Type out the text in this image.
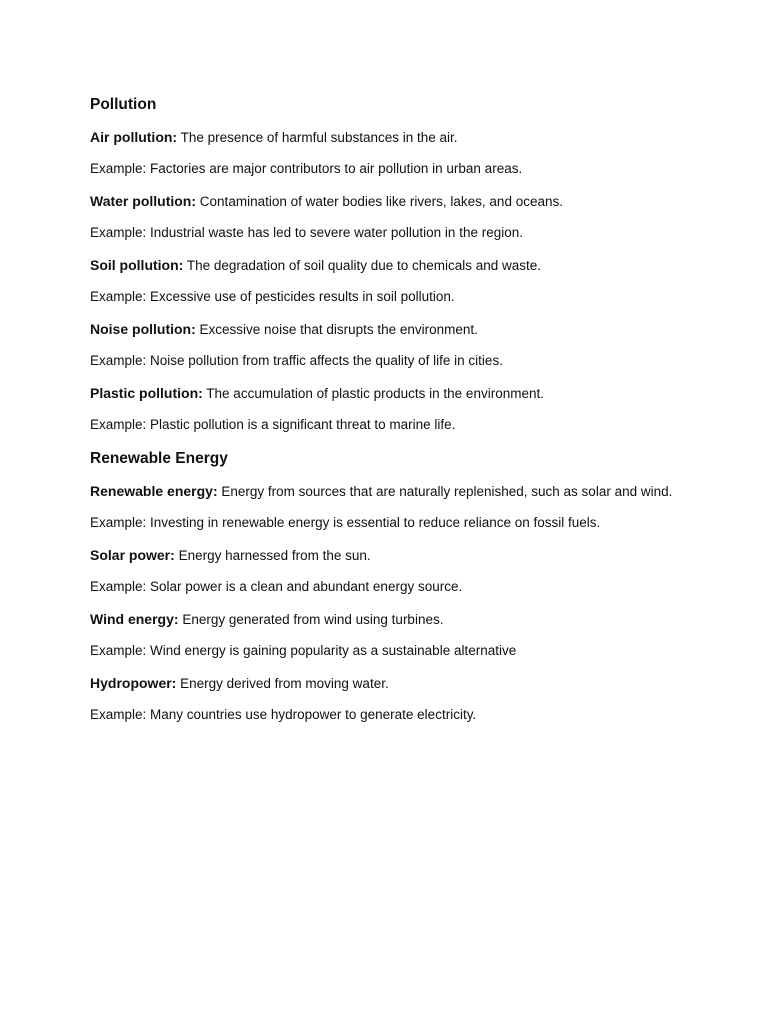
Pollution
Air pollution: The presence of harmful substances in the air.
Example: Factories are major contributors to air pollution in urban areas.
Water pollution: Contamination of water bodies like rivers, lakes, and oceans.
Example: Industrial waste has led to severe water pollution in the region.
Soil pollution: The degradation of soil quality due to chemicals and waste.
Example: Excessive use of pesticides results in soil pollution.
Noise pollution: Excessive noise that disrupts the environment.
Example: Noise pollution from traffic affects the quality of life in cities.
Plastic pollution: The accumulation of plastic products in the environment.
Example: Plastic pollution is a significant threat to marine life.
Renewable Energy
Renewable energy: Energy from sources that are naturally replenished, such as solar and wind.
Example: Investing in renewable energy is essential to reduce reliance on fossil fuels.
Solar power: Energy harnessed from the sun.
Example: Solar power is a clean and abundant energy source.
Wind energy: Energy generated from wind using turbines.
Example: Wind energy is gaining popularity as a sustainable alternative
Hydropower: Energy derived from moving water.
Example: Many countries use hydropower to generate electricity.
